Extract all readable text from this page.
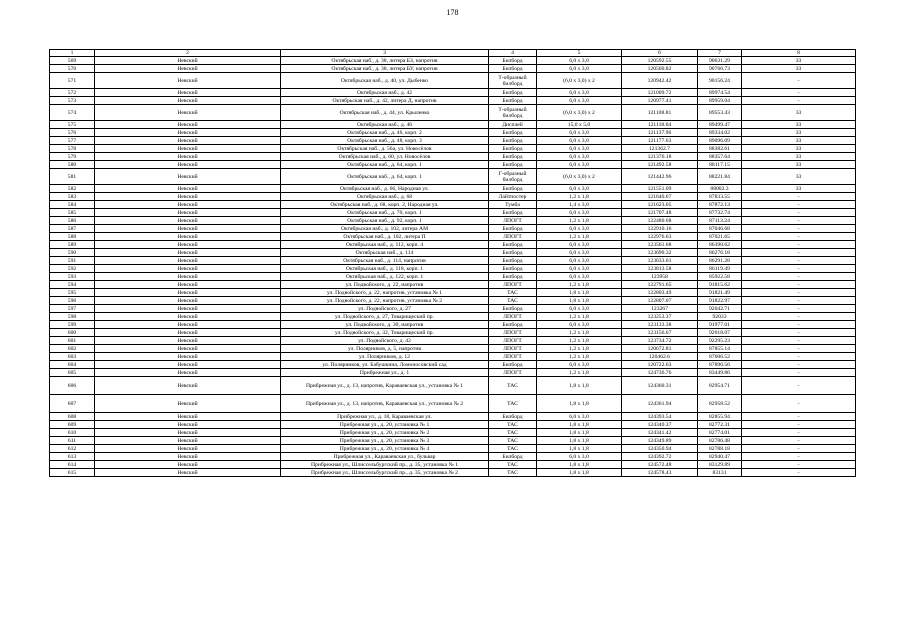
178
1	2	3	4	5	6	7	8
569	Невский	Октябрьская наб., д. 38, литера БЗ, напротив	Билборд	6,0 x 3,0	120592.55	90631.29	33
570	Невский	Октябрьская наб., д. 38, литера БУ, напротив	Билборд	6,0 x 3,0	120500.82	90766.73	33
571	Невский	Октябрьская наб., д. 40, ул. Дыбенко	Т-образный билборд	(6,0 x 3,0) x 2	120942.42	90156.24	-
572	Невский	Октябрьская наб., д. 42	Билборд	6,0 x 3,0	121009.72	89974.54	-
573	Невский	Октябрьская наб., д. 42, литера Д, напротив	Билборд	6,0 x 3,0	120977.41	89959.04	-
574	Невский	Октябрьская наб., д. 44, ул. Крыленко	Т-образный билборд	(6,0 x 3,0) x 2	121108.81	89553.43	33
575	Невский	Октябрьская наб., д. 46	Дисплей	15,0 x 5,0	121118.64	89499.47	33
576	Невский	Октябрьская наб., д. 46, корп. 2	Билборд	6,0 x 3,0	121137.96	89334.02	33
577	Невский	Октябрьская наб., д. 48, корп. 3	Билборд	6,0 x 3,0	121177.63	89096.09	33
578	Невский	Октябрьская наб., д. 56а, ул. Новосёлов	Билборд	6,0 x 3,0	121362.7	88382.61	33
579	Невский	Октябрьская наб., д. 60, ул. Новосёлов	Билборд	6,0 x 3,0	121376.18	88357.64	33
580	Невский	Октябрьская наб., д. 64, корп. 1	Билборд	6,0 x 3,0	121492.58	88117.15	33
581	Невский	Октябрьская наб., д. 64, корп. 1	Г-образный билборд	(6,0 x 3,0) x 2	121442.96	88221.84	33
582	Невский	Октябрьская наб., д. 66, Народная ул.	Билборд	6,0 x 3,0	121551.09	88002.3	33
583	Невский	Октябрьская наб., д. 68	Лайтпостер	1,2 x 1,8	121640.67	87833.55	-
584	Невский	Октябрьская наб., д. 68, корп. 2, Народная ул.	Тумба	1,4 x 3,0	121623.05	87872.13	-
585	Невский	Октябрьская наб., д. 70, корп. 1	Билборд	6,0 x 3,0	121707.48	87732.74	-
586	Невский	Октябрьская наб., д. 92, корп. 1	ЛПОГТ	1,2 x 1,8	122480.68	87113.24	-
587	Невский	Октябрьская наб., д. 102, литера АМ	Билборд	6,0 x 3,0	122910.16	87046.68	-
588	Невский	Октябрьская наб., д. 102, литера П	ЛПОГТ	1,2 x 1,8	122976.63	87021.65	-
589	Невский	Октябрьская наб., д. 112, корп. 4	Билборд	6,0 x 3,0	123561.68	86390.62	-
590	Невский	Октябрьская наб., д. 114	Билборд	6,0 x 3,0	123690.32	86276.18	-
591	Невский	Октябрьская наб., д. 114, напротив	Билборд	6,0 x 3,0	123633.61	86291.28	-
592	Невский	Октябрьская наб., д. 118, корп. 1	Билборд	6,0 x 3,0	123813.58	86119.49	-
593	Невский	Октябрьская наб., д. 122, корп. 1	Билборд	6,0 x 3,0	123958	85922.58	-
594	Невский	ул. Подвойского, д. 22, напротив	ЛПОГТ	1,2 x 1,8	122791.65	91815.62	-
595	Невский	ул. Подвойского, д. 22, напротив, установка № 1	ТАС	1,8 x 1,8	122803.49	91821.49	-
596	Невский	ул. Подвойского, д. 22, напротив, установка № 2	ТАС	1,8 x 1,8	122807.07	91822.97	-
597	Невский	ул. Подвойского, д. 27	Билборд	6,0 x 3,0	123267	92042.71	-
598	Невский	ул. Подвойского, д. 27, Товарищеский пр.	ЛПОГТ	1,2 x 1,8	123253.37	92033	-
599	Невский	ул. Подвойского, д. 30, напротив	Билборд	6,0 x 3,0	123133.38	91977.01	-
600	Невский	ул. Подвойского, д. 32, Товарищеский пр.	ЛПОГТ	1,2 x 1,8	123156.67	92018.07	-
601	Невский	ул. Подвойского, д. 42	ЛПОГТ	1,2 x 1,8	123734.72	92295.23	-
602	Невский	ул. Полярников, д. 5, напротив	ЛПОГТ	1,2 x 1,8	120672.81	87855.14	-
603	Невский	ул. Полярников, д. 12	ЛПОГТ	1,2 x 1,8	120462.6	87606.52	-
604	Невский	ул. Полярников, ул. Бабушкина, Ломоносовский сад	Билборд	6,0 x 3,0	120722.63	87896.56	-
605	Невский	Прибрежная ул., д. 1	ЛПОГТ	1,2 x 1,8	124736.76	83449.86	-
606	Невский	Прибрежная ул., д. 13, напротив, Караваевская ул., установка № 1	ТАС	1,8 x 1,8	124360.31	82954.71	-
607	Невский	Прибрежная ул., д. 13, напротив, Караваевская ул., установка № 2	ТАС	1,8 x 1,8	124361.94	82958.52	-
608	Невский	Прибрежная ул., д. 18, Караваевская ул.	Билборд	6,0 x 3,0	124393.54	82855.94	-
609	Невский	Прибрежная ул., д. 20, установка № 1	ТАС	1,8 x 1,8	124340.37	82772.31	-
610	Невский	Прибрежная ул., д. 20, установка № 2	ТАС	1,8 x 1,8	124341.42	82774.01	-
611	Невский	Прибрежная ул., д. 20, установка № 3	ТАС	1,8 x 1,8	124349.89	82786.48	-
612	Невский	Прибрежная ул., д. 20, установка № 4	ТАС	1,8 x 1,8	124350.94	82788.18	-
613	Невский	Прибрежная ул., Караваевская ул., бульвар	Билборд	6,0 x 3,0	124392.72	82940.47	-
614	Невский	Прибрежная ул., Шлиссельбургский пр., д. 35, установка № 1	ТАС	1,8 x 1,8	124572.48	83129.89	-
615	Невский	Прибрежная ул., Шлиссельбургский пр., д. 35, установка № 2	ТАС	1,8 x 1,8	124578.43	83131	-
